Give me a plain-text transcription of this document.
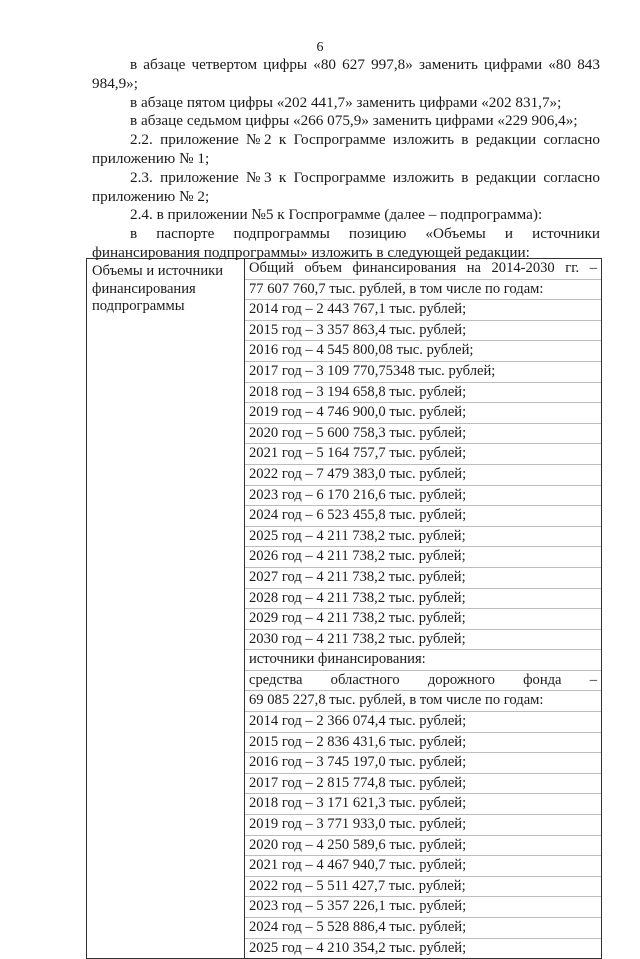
6

в абзаце четвертом цифры «80 627 997,8» заменить цифрами «80 843 984,9»;

в абзаце пятом цифры «202 441,7» заменить цифрами «202 831,7»;

в абзаце седьмом цифры «266 075,9» заменить цифрами «229 906,4»;

2.2. приложение №2 к Госпрограмме изложить в редакции согласно приложению № 1;

2.3. приложение №3 к Госпрограмме изложить в редакции согласно приложению № 2;

2.4. в приложении №5 к Госпрограмме (далее – подпрограмма):

в паспорте подпрограммы позицию «Объемы и источники финансирования подпрограммы» изложить в следующей редакции:

Объемы и источники финансирования подпрограммы	
Общий объем финансирования на 2014-2030 гг. –
77 607 760,7 тыс. рублей, в том числе по годам:
2014 год – 2 443 767,1 тыс. рублей;
2015 год – 3 357 863,4 тыс. рублей;
2016 год – 4 545 800,08 тыс. рублей;
2017 год – 3 109 770,75348 тыс. рублей;
2018 год – 3 194 658,8 тыс. рублей;
2019 год – 4 746 900,0 тыс. рублей;
2020 год – 5 600 758,3 тыс. рублей;
2021 год – 5 164 757,7 тыс. рублей;
2022 год – 7 479 383,0 тыс. рублей;
2023 год – 6 170 216,6 тыс. рублей;
2024 год – 6 523 455,8 тыс. рублей;
2025 год – 4 211 738,2 тыс. рублей;
2026 год – 4 211 738,2 тыс. рублей;
2027 год – 4 211 738,2 тыс. рублей;
2028 год – 4 211 738,2 тыс. рублей;
2029 год – 4 211 738,2 тыс. рублей;
2030 год – 4 211 738,2 тыс. рублей;
источники финансирования:
средства областного дорожного фонда –
69 085 227,8 тыс. рублей, в том числе по годам:
2014 год – 2 366 074,4 тыс. рублей;
2015 год – 2 836 431,6 тыс. рублей;
2016 год – 3 745 197,0 тыс. рублей;
2017 год – 2 815 774,8 тыс. рублей;
2018 год – 3 171 621,3 тыс. рублей;
2019 год – 3 771 933,0 тыс. рублей;
2020 год – 4 250 589,6 тыс. рублей;
2021 год – 4 467 940,7 тыс. рублей;
2022 год – 5 511 427,7 тыс. рублей;
2023 год – 5 357 226,1 тыс. рублей;
2024 год – 5 528 886,4 тыс. рублей;
2025 год – 4 210 354,2 тыс. рублей;
